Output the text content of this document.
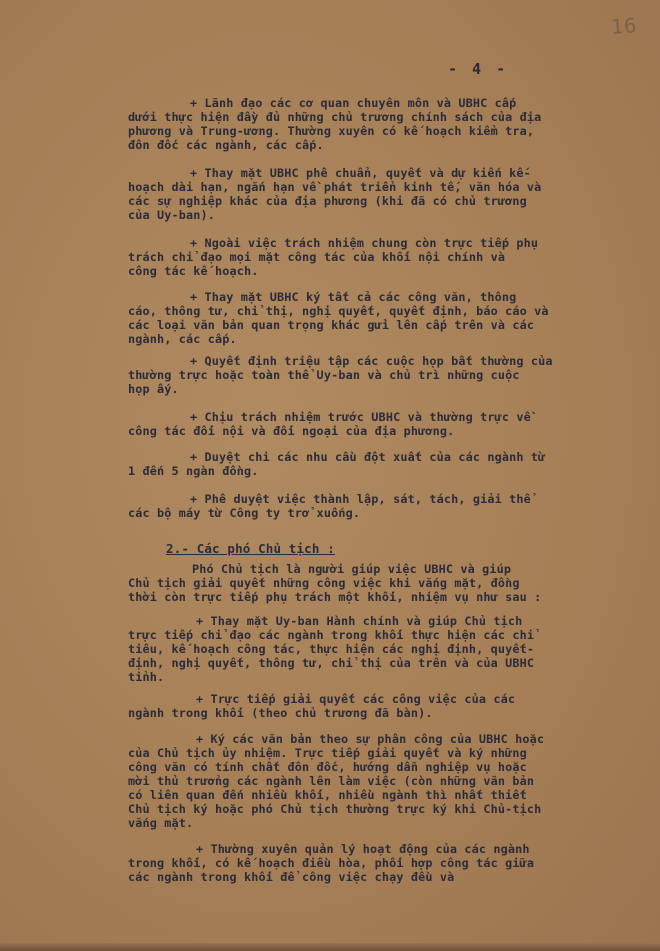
16
- 4 -
+ Lãnh đạo các cơ quan chuyên môn và UBHC cấp
dưới thực hiện đầy đủ những chủ trương chính sách của địa
phương và Trung-ương. Thường xuyên có kế hoạch kiểm tra,
đôn đốc các ngành, các cấp.
+ Thay mặt UBHC phê chuẩn, quyết và dự kiến kế-
hoạch dài hạn, ngắn hạn về phát triển kinh tế, văn hóa và
các sự nghiệp khác của địa phương (khi đã có chủ trương
của Uy-ban).
+ Ngoài việc trách nhiệm chung còn trực tiếp phụ
trách chỉ đạo mọi mặt công tác của khối nội chính và
công tác kế hoạch.
+ Thay mặt UBHC ký tất cả các công văn, thông
cáo, thông tư, chỉ thị, nghị quyết, quyết định, báo cáo và
các loại văn bản quan trọng khác gửi lên cấp trên và các
ngành, các cấp.
+ Quyết định triệu tập các cuộc họp bất thường của
thường trực hoặc toàn thể Uy-ban và chủ trì những cuộc
họp ấy.
+ Chịu trách nhiệm trước UBHC và thường trực về
công tác đối nội và đối ngoại của địa phương.
+ Duyệt chi các nhu cầu đột xuất của các ngành từ
1 đến 5 ngàn đồng.
+ Phê duyệt việc thành lập, sát, tách, giải thể
các bộ máy từ Công ty trở xuống.
2.- Các phó Chủ tịch :
Phó Chủ tịch là người giúp việc UBHC và giúp
Chủ tịch giải quyết những công việc khi vắng mặt, đồng
thời còn trực tiếp phụ trách một khối, nhiệm vụ như sau :
+ Thay mặt Uy-ban Hành chính và giúp Chủ tịch
trực tiếp chỉ đạo các ngành trong khối thực hiện các chỉ
tiêu, kế hoạch công tác, thực hiện các nghị định, quyết-
định, nghị quyết, thông tư, chỉ thị của trên và của UBHC
tỉnh.
+ Trực tiếp giải quyết các công việc của các
ngành trong khối (theo chủ trương đã bàn).
+ Ký các văn bản theo sự phân công của UBHC hoặc
của Chủ tịch ủy nhiệm. Trực tiếp giải quyết và ký những
công văn có tính chất đôn đốc, hướng dẫn nghiệp vụ hoặc
mời thủ trưởng các ngành lên làm việc (còn những văn bản
có liên quan đến nhiều khối, nhiều ngành thì nhất thiết
Chủ tịch ký hoặc phó Chủ tịch thường trực ký khi Chủ-tịch
vắng mặt.
+ Thường xuyên quản lý hoạt động của các ngành
trong khối, có kế hoạch điều hòa, phối hợp công tác giữa
các ngành trong khối để công việc chạy đều và
